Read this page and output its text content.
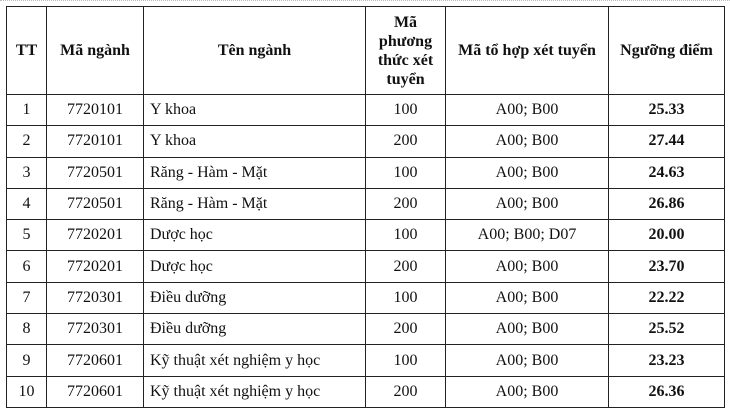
TT	Mã ngành	Tên ngành	Mã phương thức xét tuyển	Mã tổ hợp xét tuyển	Ngưỡng điểm
1	7720101	Y khoa	100	A00; B00	25.33
2	7720101	Y khoa	200	A00; B00	27.44
3	7720501	Răng - Hàm - Mặt	100	A00; B00	24.63
4	7720501	Răng - Hàm - Mặt	200	A00; B00	26.86
5	7720201	Dược học	100	A00; B00; D07	20.00
6	7720201	Dược học	200	A00; B00	23.70
7	7720301	Điều dưỡng	100	A00; B00	22.22
8	7720301	Điều dưỡng	200	A00; B00	25.52
9	7720601	Kỹ thuật xét nghiệm y học	100	A00; B00	23.23
10	7720601	Kỹ thuật xét nghiệm y học	200	A00; B00	26.36
